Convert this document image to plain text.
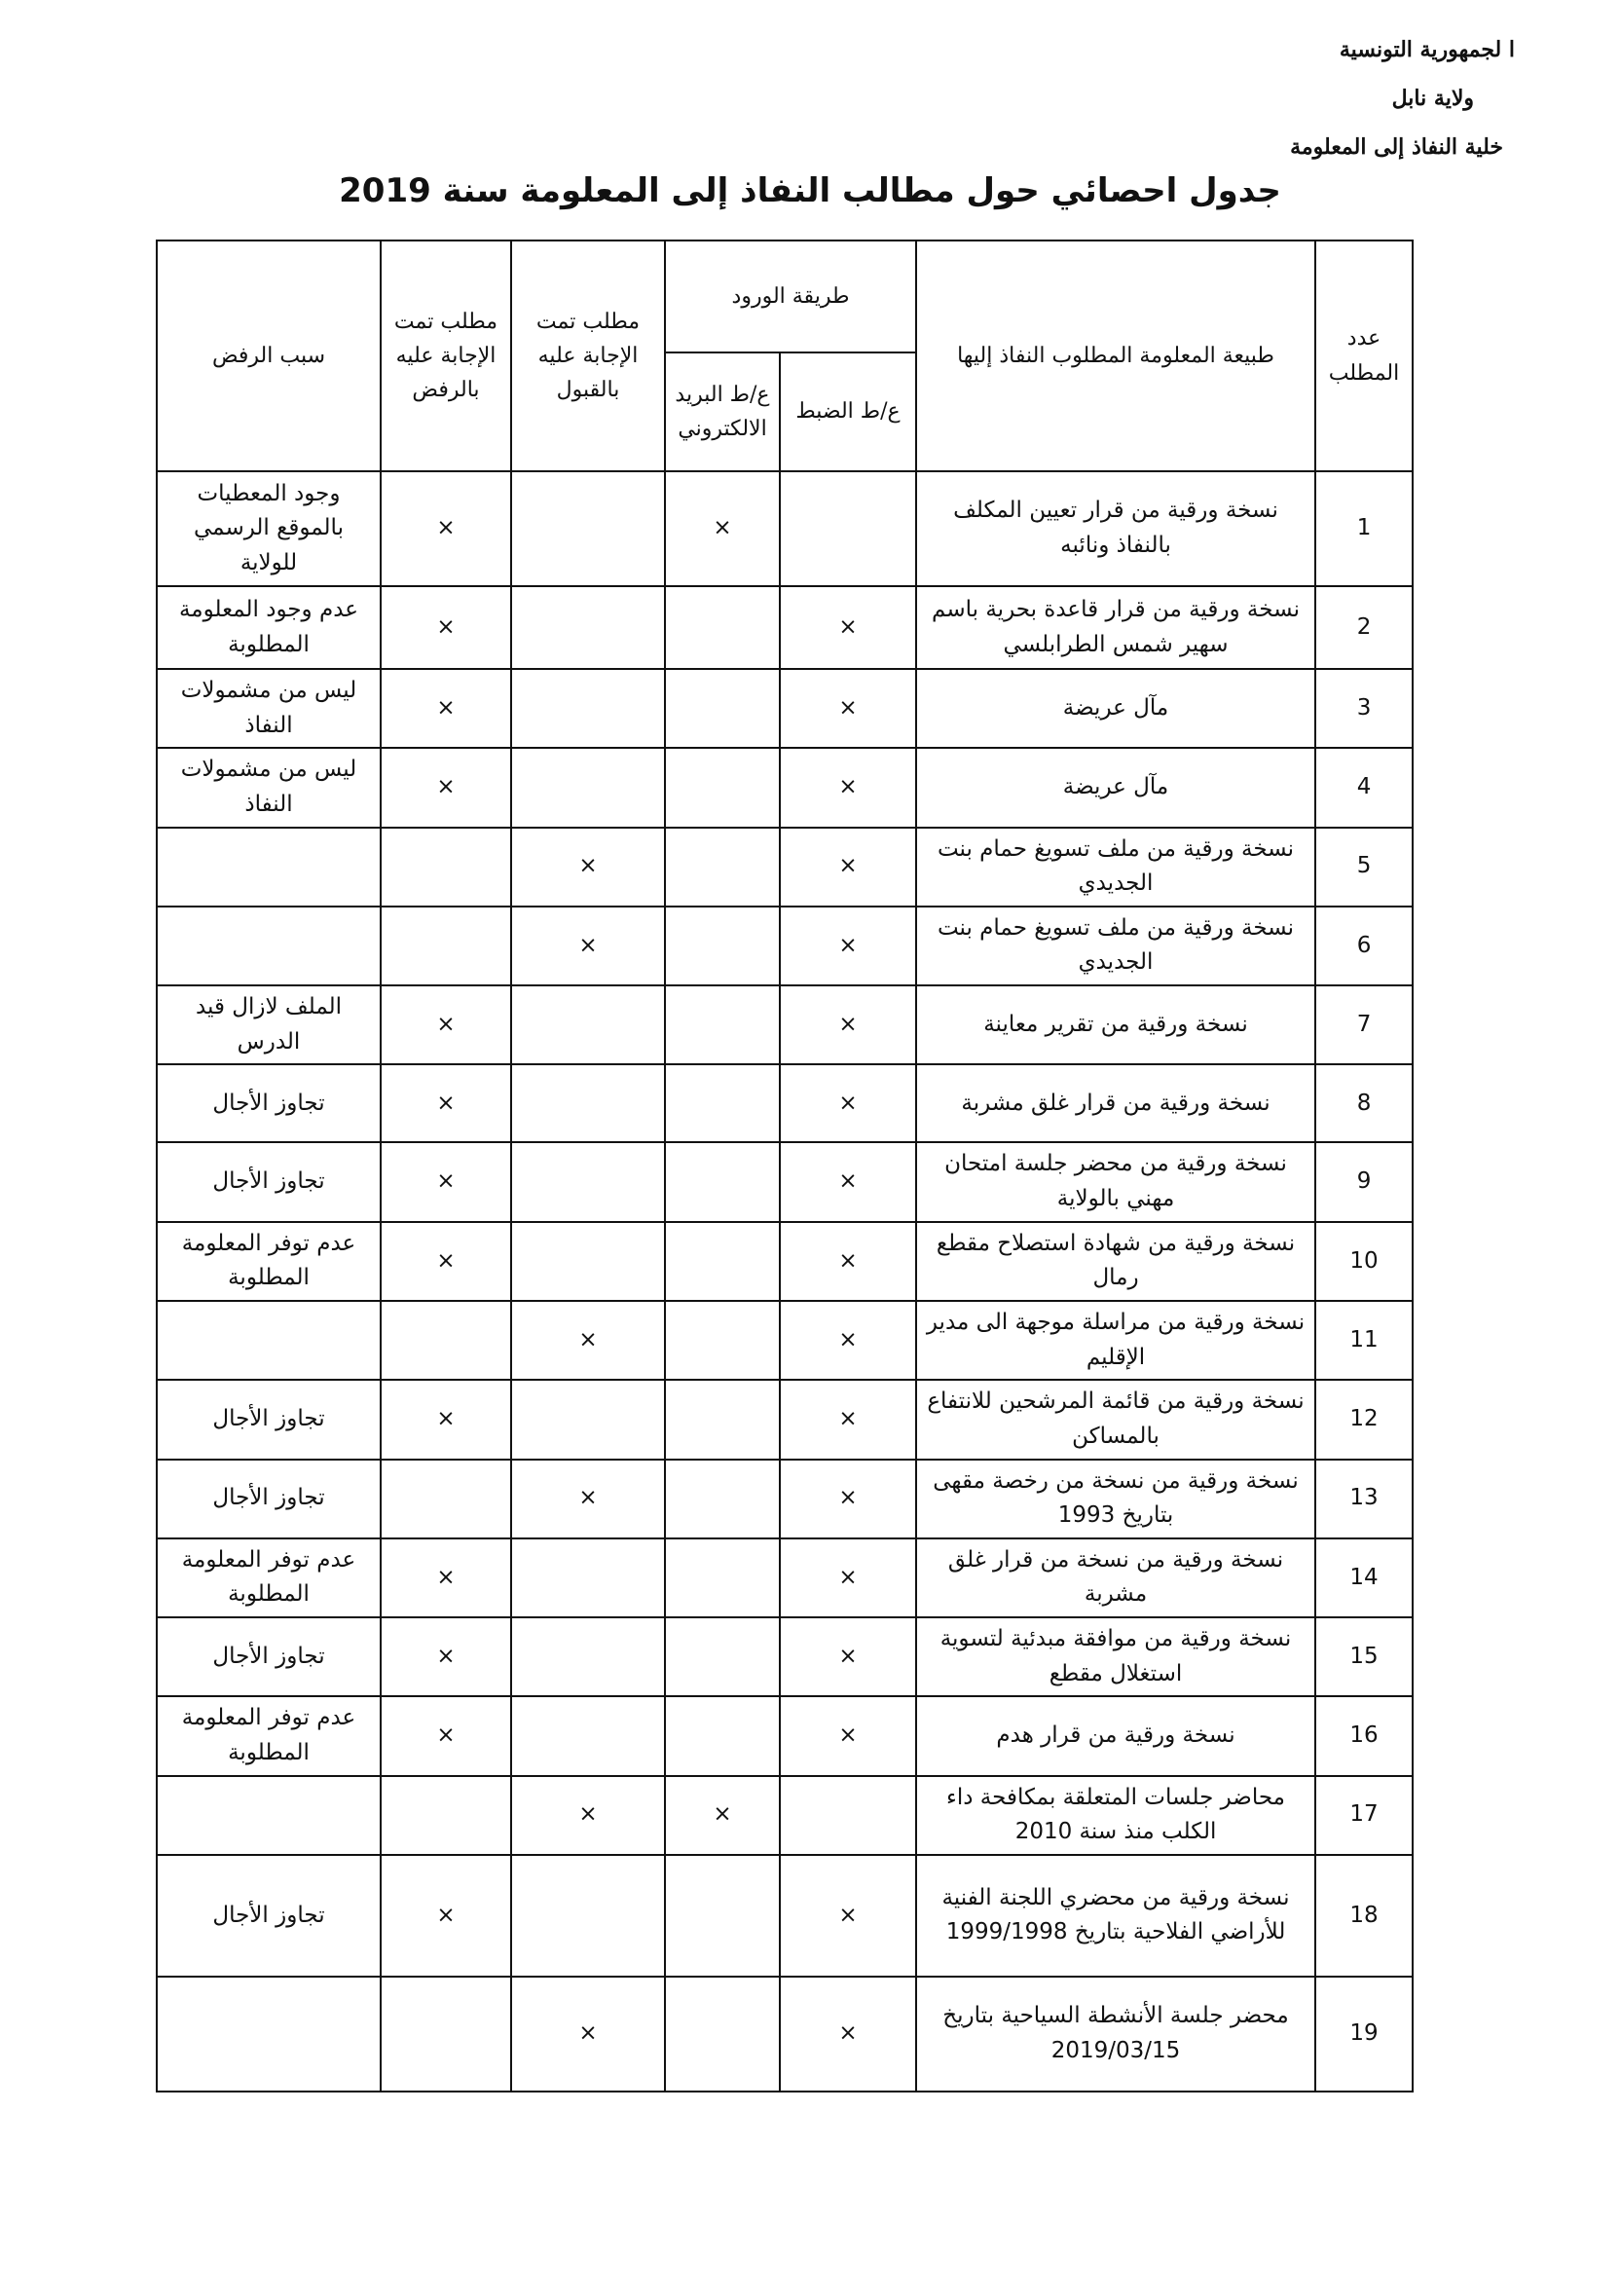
ا لجمهورية التونسية
ولاية نابل
خلية النفاذ إلى المعلومة
جدول احصائي حول مطالب النفاذ إلى المعلومة سنة 2019
عدد المطلب	طبيعة المعلومة المطلوب النفاذ إليها	طريقة الورود		مطلب تمت الإجابة عليه بالقبول	مطلب تمت الإجابة عليه بالرفض	سبب الرفض
		ع/ط الضبط	ع/ط البريد الالكتروني			
1	نسخة ورقية من قرار تعيين المكلف بالنفاذ ونائبه		×		×	وجود المعطيات بالموقع الرسمي للولاية
2	نسخة ورقية من قرار قاعدة بحرية باسم سهير شمس الطرابلسي	×			×	عدم وجود المعلومة المطلوبة
3	مآل عريضة	×			×	ليس من مشمولات النفاذ
4	مآل عريضة	×			×	ليس من مشمولات النفاذ
5	نسخة ورقية من ملف تسويغ حمام بنت الجديدي	×		×		
6	نسخة ورقية من ملف تسويغ حمام بنت الجديدي	×		×		
7	نسخة ورقية من تقرير معاينة	×			×	الملف لازال قيد الدرس
8	نسخة ورقية من قرار غلق مشربة	×			×	تجاوز الأجال
9	نسخة ورقية من محضر جلسة امتحان مهني بالولاية	×			×	تجاوز الأجال
10	نسخة ورقية من شهادة استصلاح مقطع رمال	×			×	عدم توفر المعلومة المطلوبة
11	نسخة ورقية من مراسلة موجهة الى مدير الإقليم	×		×		
12	نسخة ورقية من قائمة المرشحين للانتفاع بالمساكن	×			×	تجاوز الأجال
13	نسخة ورقية من نسخة من رخصة مقهى بتاريخ 1993	×		×		تجاوز الأجال
14	نسخة ورقية من نسخة من قرار غلق مشربة	×			×	عدم توفر المعلومة المطلوبة
15	نسخة ورقية من موافقة مبدئية لتسوية استغلال مقطع	×			×	تجاوز الأجال
16	نسخة ورقية من قرار هدم	×			×	عدم توفر المعلومة المطلوبة
17	محاضر جلسات المتعلقة بمكافحة داء الكلب منذ سنة 2010		×	×		
18	نسخة ورقية من محضري اللجنة الفنية للأراضي الفلاحية بتاريخ 1999/1998	×			×	تجاوز الأجال
19	محضر جلسة الأنشطة السياحية بتاريخ 2019/03/15	×		×		
